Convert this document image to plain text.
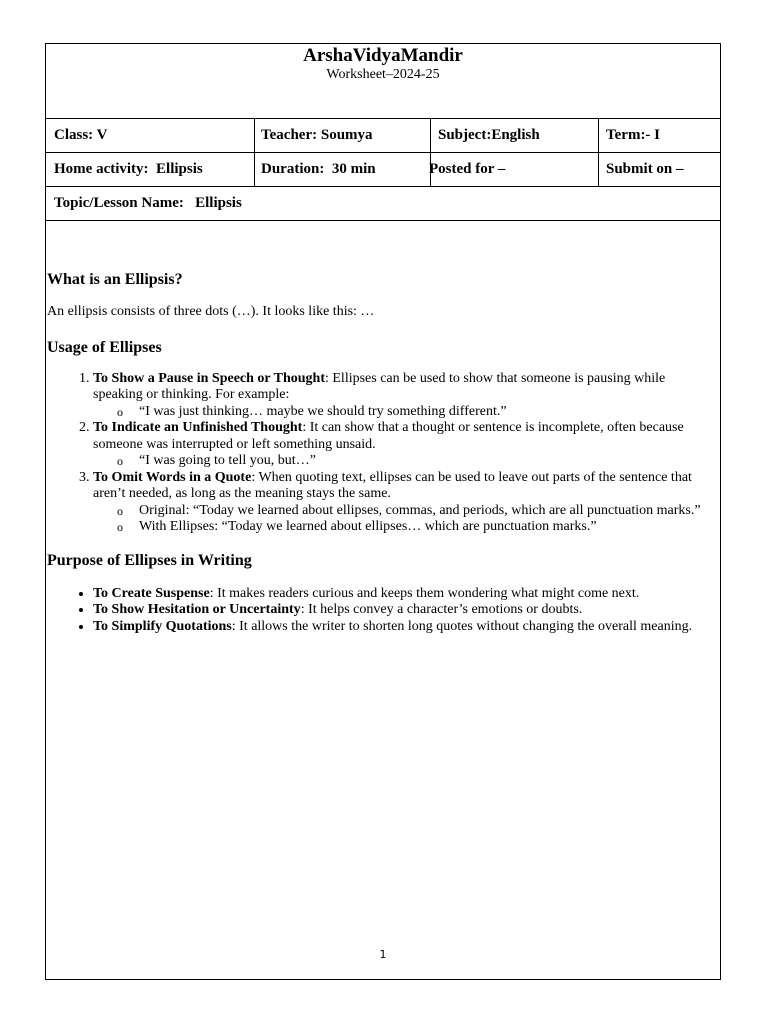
ArshaVidyaMandir
Worksheet–2024-25
Class: V	Teacher: Soumya	Subject:English	Term:- I
Home activity:  Ellipsis	Duration:  30 min	Posted for –	Submit on –
Topic/Lesson Name:   Ellipsis
What is an Ellipsis?

An ellipsis consists of three dots (…). It looks like this: …

Usage of Ellipses
1. To Show a Pause in Speech or Thought: Ellipses can be used to show that someone is pausing while speaking or thinking. For example:
o “I was just thinking… maybe we should try something different.”
2. To Indicate an Unfinished Thought: It can show that a thought or sentence is incomplete, often because someone was interrupted or left something unsaid.
o “I was going to tell you, but…”
3. To Omit Words in a Quote: When quoting text, ellipses can be used to leave out parts of the sentence that aren’t needed, as long as the meaning stays the same.
o Original: “Today we learned about ellipses, commas, and periods, which are all punctuation marks.”
o With Ellipses: “Today we learned about ellipses… which are punctuation marks.”
Purpose of Ellipses in Writing
• To Create Suspense: It makes readers curious and keeps them wondering what might come next.
• To Show Hesitation or Uncertainty: It helps convey a character’s emotions or doubts.
• To Simplify Quotations: It allows the writer to shorten long quotes without changing the overall meaning.
1
